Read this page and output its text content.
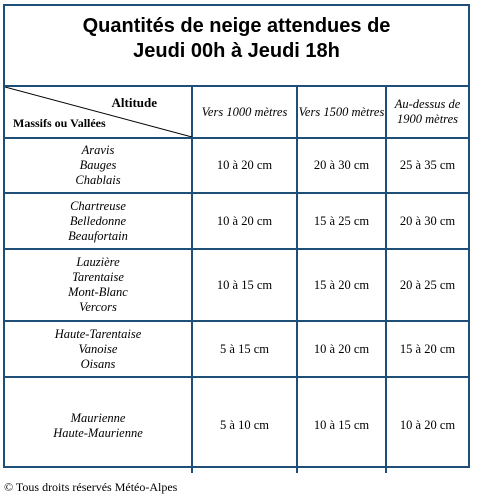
Quantités de neige attendues de
Jeudi 00h à Jeudi 18h
Altitude
Massifs ou Vallées	Vers 1000 mètres	Vers 1500 mètres	Au-dessus de 1900 mètres

Aravis
Bauges
Chablais	10 à 20 cm	20 à 30 cm	25 à 35 cm

Chartreuse
Belledonne
Beaufortain	10 à 20 cm	15 à 25 cm	20 à 30 cm

Lauzière
Tarentaise
Mont-Blanc
Vercors	10 à 15 cm	15 à 20 cm	20 à 25 cm

Haute-Tarentaise
Vanoise
Oisans	5 à 15 cm	10 à 20 cm	15 à 20 cm

Maurienne
Haute-Maurienne	5 à 10 cm	10 à 15 cm	10 à 20 cm
© Tous droits réservés Météo-Alpes
